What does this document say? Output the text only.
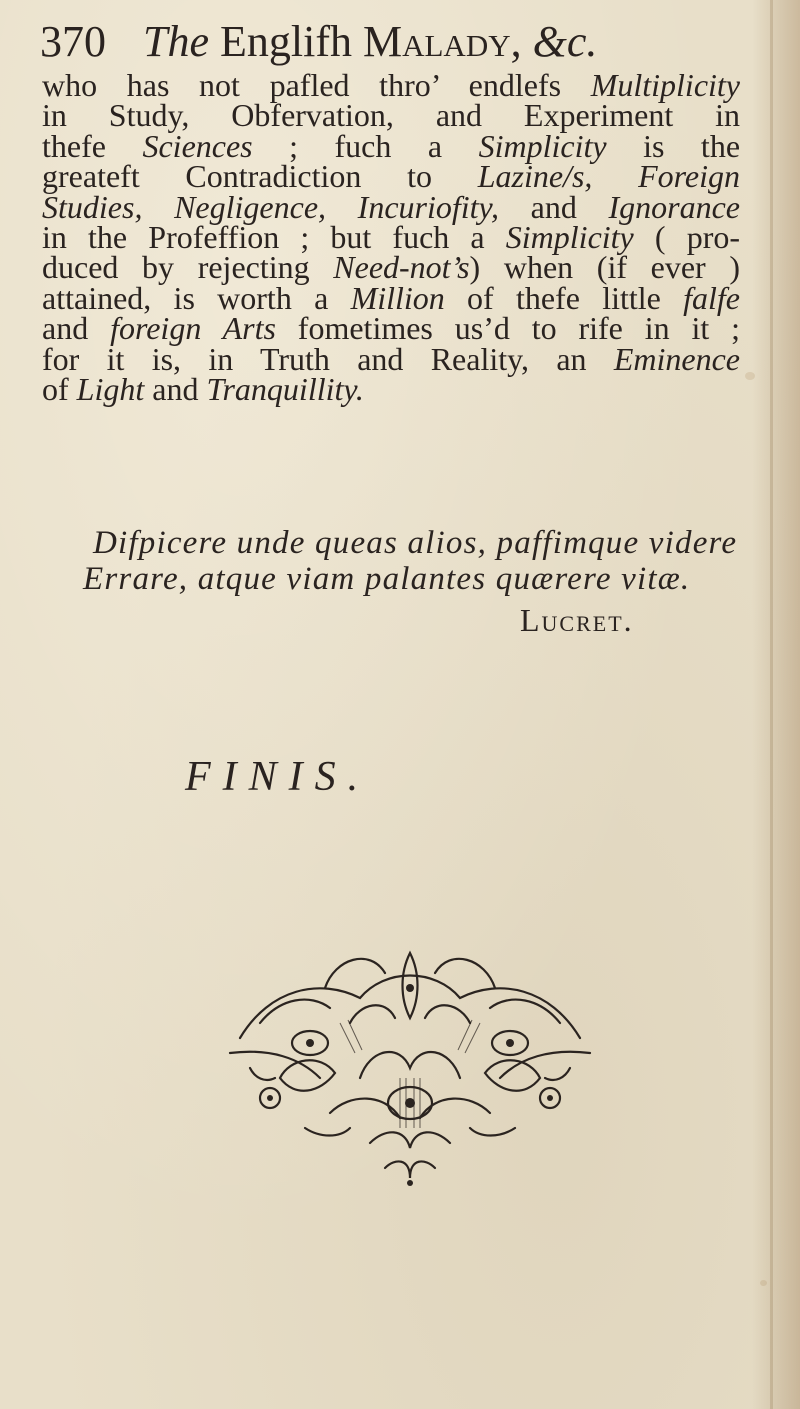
370 The Englifh Malady, &c.
who has not pafled thro’ endlefs Multiplicity
in Study, Obfervation, and Experiment in
thefe Sciences ; fuch a Simplicity is the
greateft Contradiction to Lazine/s, Foreign
Studies, Negligence, Incuriofity, and Ignorance
in the Profeffion ; but fuch a Simplicity ( pro-
duced by rejecting Need-not’s) when (if ever )
attained, is worth a Million of thefe little falfe
and foreign Arts fometimes us’d to rife in it ;
for it is, in Truth and Reality, an Eminence
of Light and Tranquillity.
Difpicere unde queas alios, paffimque videre
Errare, atque viam palantes quærere vitæ.
Lucret.
FINIS.
